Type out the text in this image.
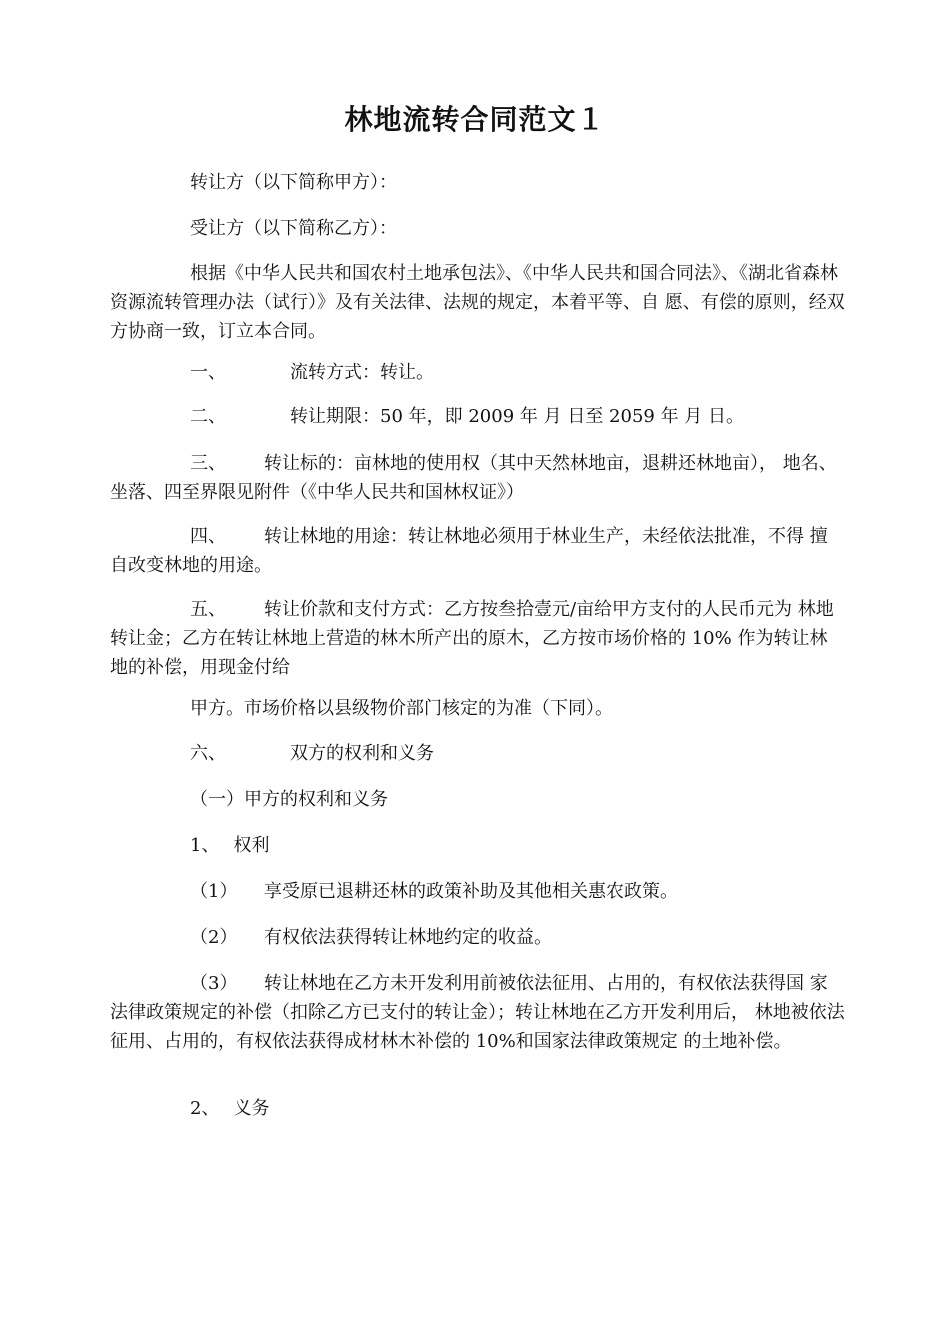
林地流转合同范文１
转让方（以下简称甲方）：
受让方（以下简称乙方）：
根据《中华人民共和国农村土地承包法》、《中华人民共和国合同法》、《湖北省森林资源流转管理办法（试行）》及有关法律、法规的规定，本着平等、自 愿、有偿的原则，经双方协商一致，订立本合同。
一、	流转方式：转让。
二、	转让期限：50 年，即 2009 年 月 日至 2059 年 月 日。
三、 转让标的：亩林地的使用权（其中天然林地亩，退耕还林地亩）， 地名、坐落、四至界限见附件（《中华人民共和国林权证》）
四、 转让林地的用途：转让林地必须用于林业生产，未经依法批准，不得 擅自改变林地的用途。
五、 转让价款和支付方式：乙方按叁拾壹元/亩给甲方支付的人民币元为 林地转让金；乙方在转让林地上营造的林木所产出的原木，乙方按市场价格的 10% 作为转让林地的补偿，用现金付给
甲方。市场价格以县级物价部门核定的为准（下同）。
六、	双方的权利和义务
（一）甲方的权利和义务
1、 权利
（1） 享受原已退耕还林的政策补助及其他相关惠农政策。
（2） 有权依法获得转让林地约定的收益。
（3） 转让林地在乙方未开发利用前被依法征用、占用的，有权依法获得国 家法律政策规定的补偿（扣除乙方已支付的转让金）；转让林地在乙方开发利用后， 林地被依法征用、占用的，有权依法获得成材林木补偿的 10%和国家法律政策规定 的土地补偿。
2、 义务
